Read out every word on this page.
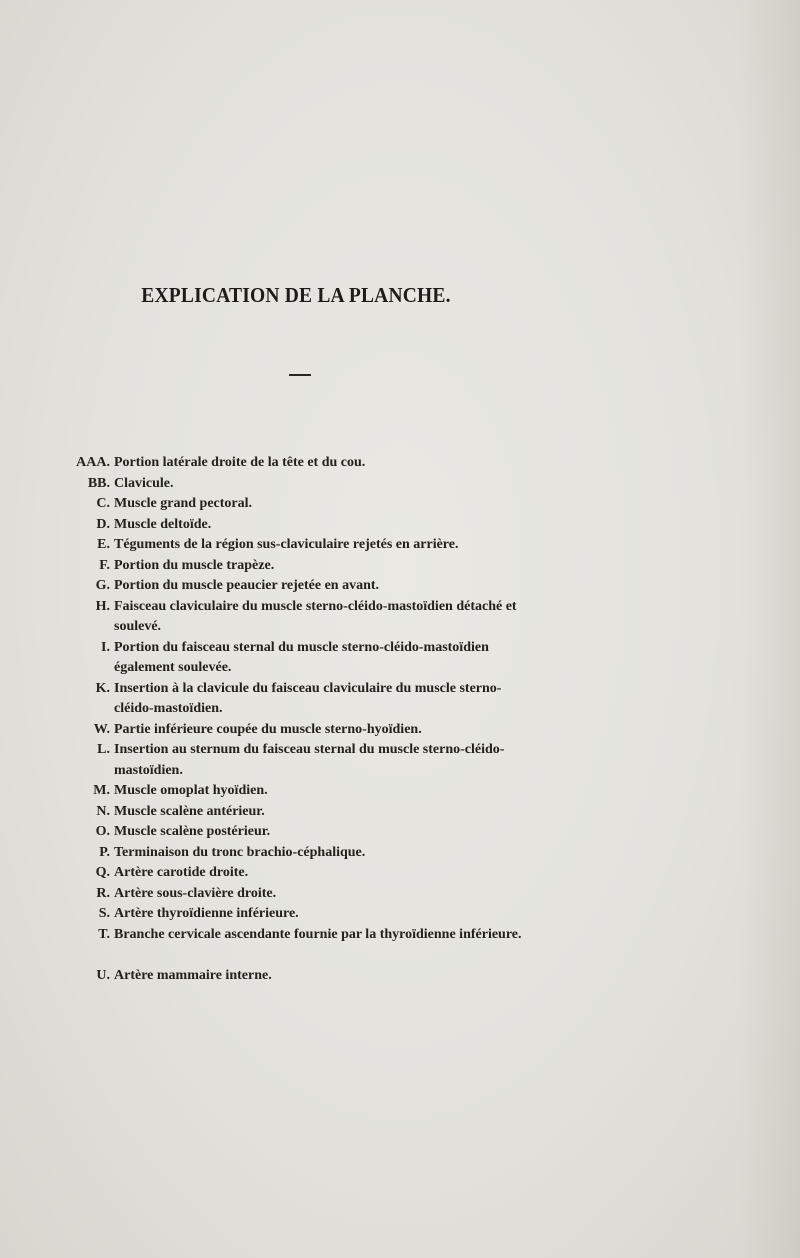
EXPLICATION DE LA PLANCHE.
AAA. Portion latérale droite de la tête et du cou.
BB. Clavicule.
C. Muscle grand pectoral.
D. Muscle deltoïde.
E. Téguments de la région sus-claviculaire rejetés en arrière.
F. Portion du muscle trapèze.
G. Portion du muscle peaucier rejetée en avant.
H. Faisceau claviculaire du muscle sterno-cléido-mastoïdien détaché et soulevé.
I. Portion du faisceau sternal du muscle sterno-cléido-mastoïdien également soulevée.
K. Insertion à la clavicule du faisceau claviculaire du muscle sterno-cléido-mastoïdien.
W. Partie inférieure coupée du muscle sterno-hyoïdien.
L. Insertion au sternum du faisceau sternal du muscle sterno-cléido-mastoïdien.
M. Muscle omoplat hyoïdien.
N. Muscle scalène antérieur.
O. Muscle scalène postérieur.
P. Terminaison du tronc brachio-céphalique.
Q. Artère carotide droite.
R. Artère sous-clavière droite.
S. Artère thyroïdienne inférieure.
T. Branche cervicale ascendante fournie par la thyroïdienne inférieure.
U. Artère mammaire interne.
